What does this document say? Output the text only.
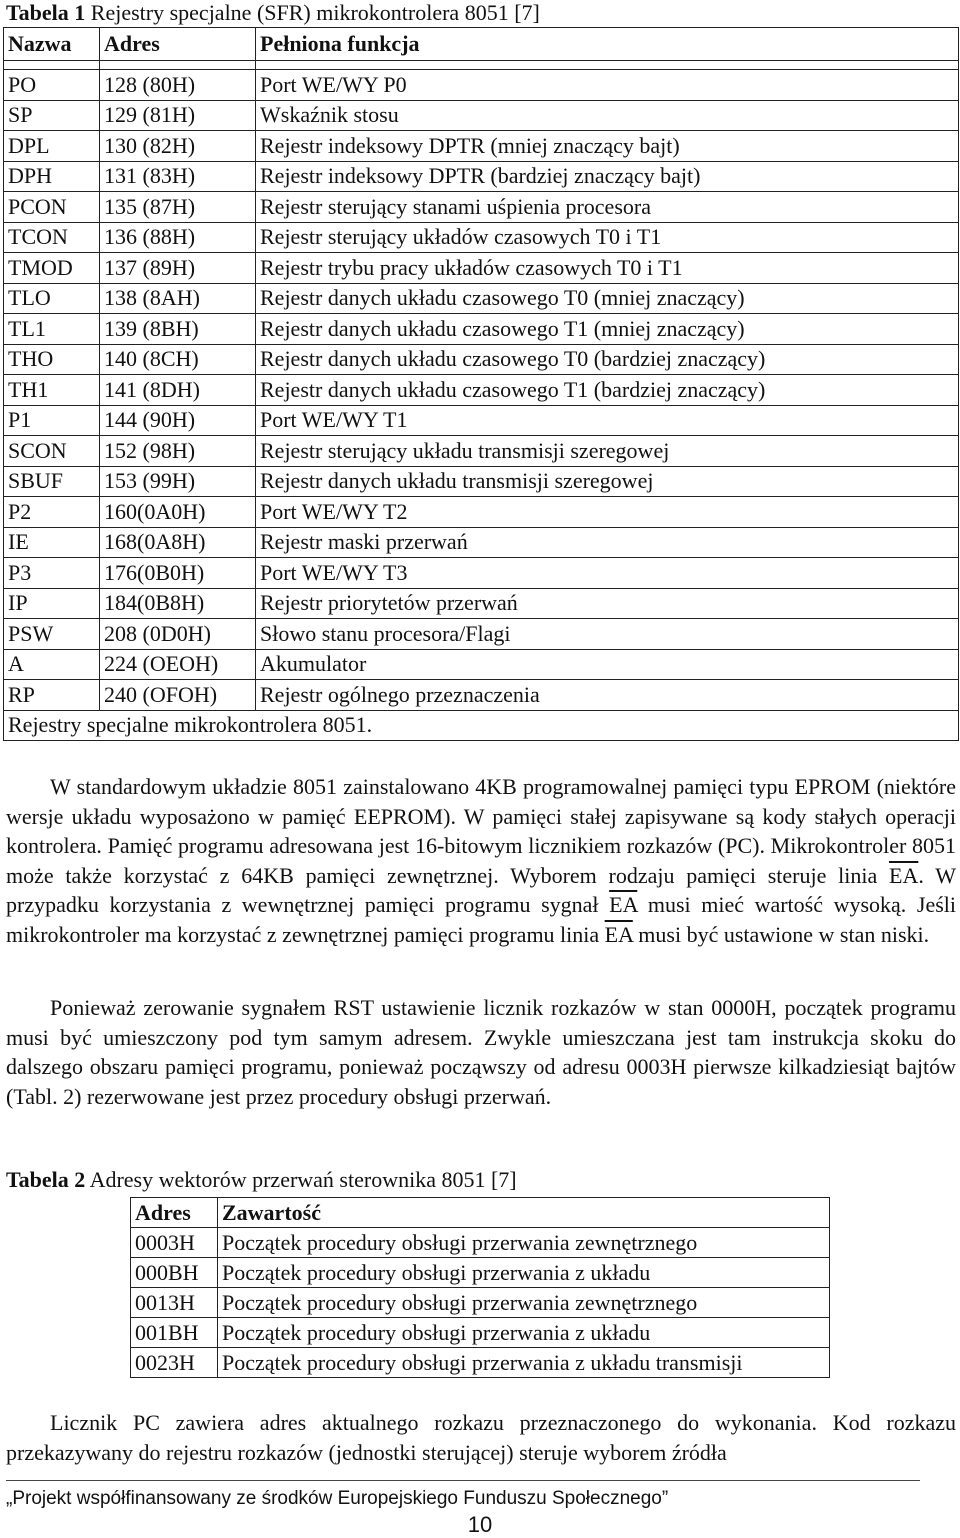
Tabela 1 Rejestry specjalne (SFR) mikrokontrolera 8051 [7]
Nazwa	Adres	Pełniona funkcja

PO	128 (80H)	Port WE/WY P0
SP	129 (81H)	Wskaźnik stosu
DPL	130 (82H)	Rejestr indeksowy DPTR (mniej znaczący bajt)
DPH	131 (83H)	Rejestr indeksowy DPTR (bardziej znaczący bajt)
PCON	135 (87H)	Rejestr sterujący stanami uśpienia procesora
TCON	136 (88H)	Rejestr sterujący układów czasowych T0 i T1
TMOD	137 (89H)	Rejestr trybu pracy układów czasowych T0 i T1
TLO	138 (8AH)	Rejestr danych układu czasowego T0 (mniej znaczący)
TL1	139 (8BH)	Rejestr danych układu czasowego T1 (mniej znaczący)
THO	140 (8CH)	Rejestr danych układu czasowego T0 (bardziej znaczący)
TH1	141 (8DH)	Rejestr danych układu czasowego T1 (bardziej znaczący)
P1	144 (90H)	Port WE/WY T1
SCON	152 (98H)	Rejestr sterujący układu transmisji szeregowej
SBUF	153 (99H)	Rejestr danych układu transmisji szeregowej
P2	160(0A0H)	Port WE/WY T2
IE	168(0A8H)	Rejestr maski przerwań
P3	176(0B0H)	Port WE/WY T3
IP	184(0B8H)	Rejestr priorytetów przerwań
PSW	208 (0D0H)	Słowo stanu procesora/Flagi
A	224 (OEOH)	Akumulator
RP	240 (OFOH)	Rejestr ogólnego przeznaczenia
Rejestry specjalne mikrokontrolera 8051.		
W standardowym układzie 8051 zainstalowano 4KB programowalnej pamięci typu EPROM (niektóre wersje układu wyposażono w pamięć EEPROM). W pamięci stałej zapisywane są kody stałych operacji kontrolera. Pamięć programu adresowana jest 16-bitowym licznikiem rozkazów (PC). Mikrokontroler 8051 może także korzystać z 64KB pamięci zewnętrznej. Wyborem rodzaju pamięci steruje linia $\overline{EA}$. W przypadku korzystania z wewnętrznej pamięci programu sygnał $\overline{EA}$ musi mieć wartość wysoką. Jeśli mikrokontroler ma korzystać z zewnętrznej pamięci programu linia $\overline{EA}$ musi być ustawione w stan niski.
Ponieważ zerowanie sygnałem RST ustawienie licznik rozkazów w stan 0000H, początek programu musi być umieszczony pod tym samym adresem. Zwykle umieszczana jest tam instrukcja skoku do dalszego obszaru pamięci programu, ponieważ począwszy od adresu 0003H pierwsze kilkadziesiąt bajtów (Tabl. 2) rezerwowane jest przez procedury obsługi przerwań.
Tabela 2 Adresy wektorów przerwań sterownika 8051 [7]
Adres	Zawartość
0003H	Początek procedury obsługi przerwania zewnętrznego
000BH	Początek procedury obsługi przerwania z układu
0013H	Początek procedury obsługi przerwania zewnętrznego
001BH	Początek procedury obsługi przerwania z układu
0023H	Początek procedury obsługi przerwania z układu transmisji
Licznik PC zawiera adres aktualnego rozkazu przeznaczonego do wykonania. Kod rozkazu przekazywany do rejestru rozkazów (jednostki sterującej) steruje wyborem źródła
„Projekt współfinansowany ze środków Europejskiego Funduszu Społecznego”
10
